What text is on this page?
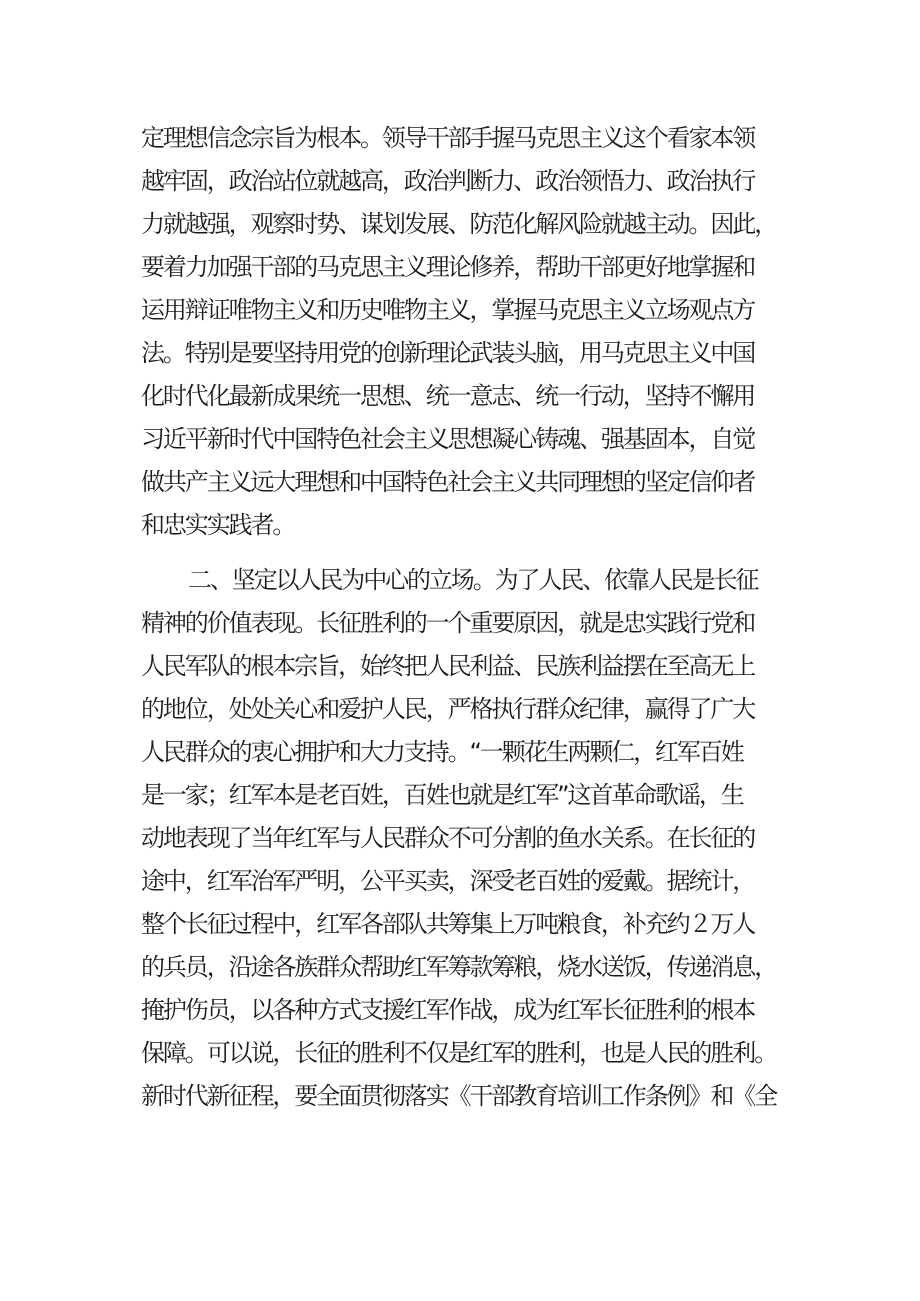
定理想信念宗旨为根本。领导干部手握马克思主义这个看家本领
越牢固，政治站位就越高，政治判断力、政治领悟力、政治执行
力就越强，观察时势、谋划发展、防范化解风险就越主动。因此，
要着力加强干部的马克思主义理论修养，帮助干部更好地掌握和
运用辩证唯物主义和历史唯物主义，掌握马克思主义立场观点方
法。特别是要坚持用党的创新理论武装头脑，用马克思主义中国
化时代化最新成果统一思想、统一意志、统一行动，坚持不懈用
习近平新时代中国特色社会主义思想凝心铸魂、强基固本，自觉
做共产主义远大理想和中国特色社会主义共同理想的坚定信仰者
和忠实实践者。
二、坚定以人民为中心的立场。为了人民、依靠人民是长征
精神的价值表现。长征胜利的一个重要原因，就是忠实践行党和
人民军队的根本宗旨，始终把人民利益、民族利益摆在至高无上
的地位，处处关心和爱护人民，严格执行群众纪律，赢得了广大
人民群众的衷心拥护和大力支持。“一颗花生两颗仁，红军百姓
是一家；红军本是老百姓，百姓也就是红军”这首革命歌谣，生
动地表现了当年红军与人民群众不可分割的鱼水关系。在长征的
途中，红军治军严明，公平买卖，深受老百姓的爱戴。据统计，
整个长征过程中，红军各部队共筹集上万吨粮食，补充约２万人
的兵员，沿途各族群众帮助红军筹款筹粮，烧水送饭，传递消息，
掩护伤员，以各种方式支援红军作战，成为红军长征胜利的根本
保障。可以说，长征的胜利不仅是红军的胜利，也是人民的胜利。
新时代新征程，要全面贯彻落实《干部教育培训工作条例》和《全
